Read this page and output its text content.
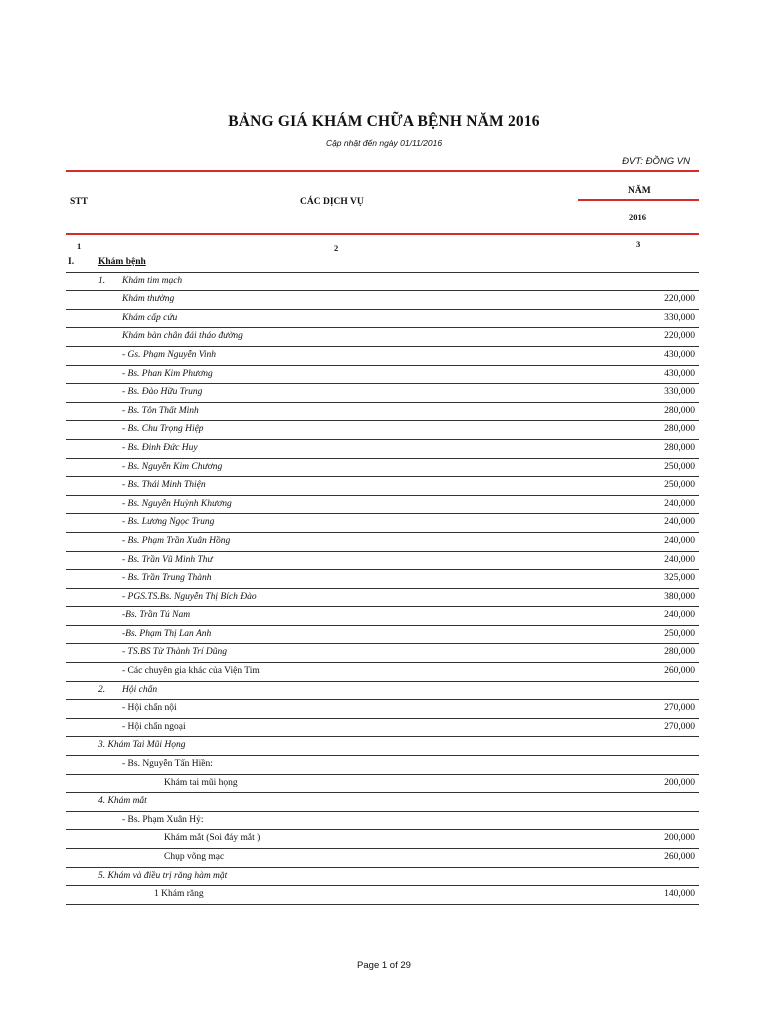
BẢNG GIÁ KHÁM CHỮA BỆNH NĂM 2016
Cập nhật đến ngày 01/11/2016
ĐVT: ĐỒNG VN
STT	CÁC DỊCH VỤ
NĂM
2016
1	2	3
I.	Khám bệnh
1. Khám tim mạch
Khám thường	220,000
Khám cấp cứu	330,000
Khám bàn chân đái tháo đường	220,000
- Gs. Phạm Nguyễn Vinh	430,000
- Bs. Phan Kim Phương	430,000
- Bs. Đào Hữu Trung	330,000
- Bs. Tôn Thất Minh	280,000
- Bs. Chu Trọng Hiệp	280,000
- Bs. Đinh Đức Huy	280,000
- Bs. Nguyễn Kim Chương	250,000
- Bs. Thái Minh Thiện	250,000
- Bs. Nguyễn Huỳnh Khương	240,000
- Bs. Lương Ngọc Trung	240,000
- Bs. Phạm Trần Xuân Hồng	240,000
- Bs. Trần Vũ Minh Thư	240,000
- Bs. Trần Trung Thành	325,000
- PGS.TS.Bs. Nguyễn Thị Bích Đào	380,000
-Bs. Trần Tú Nam	240,000
-Bs. Phạm Thị Lan Anh	250,000
- TS.BS Từ Thành Trí Dũng	280,000
- Các chuyên gia khác của Viện Tim	260,000
2. Hội chẩn
- Hội chẩn nội	270,000
- Hội chẩn ngoại	270,000
3. Khám Tai Mũi Họng
- Bs. Nguyễn Tấn Hiền:
Khám tai mũi họng	200,000
4. Khám mắt
- Bs. Phạm Xuân Hỷ:
Khám mắt (Soi đáy mắt )	200,000
Chụp võng mạc	260,000
5. Khám và điều trị răng hàm mặt
1 Khám răng	140,000
Page 1 of 29
